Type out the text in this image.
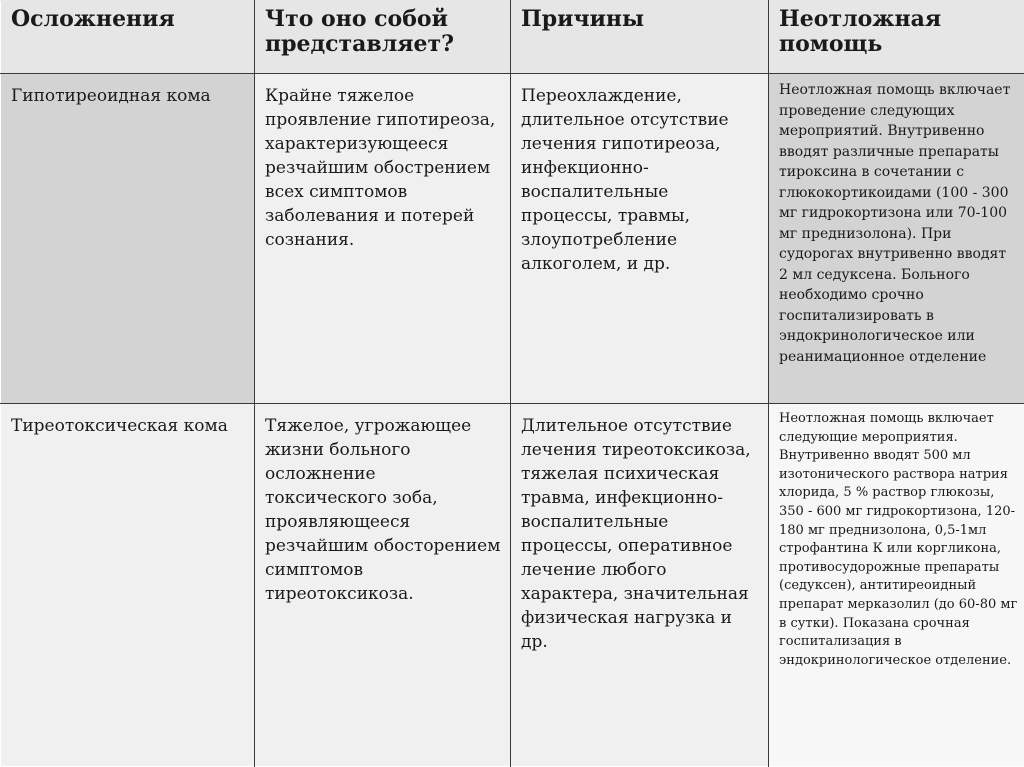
Осложнения	Что оно собой представляет?	Причины	Неотложная помощь

Гипотиреоидная кома	Крайне тяжелое проявление гипотиреоза, характеризующееся резчайшим обострением всех симптомов заболевания и потерей сознания.	Переохлаждение, длительное отсутствие лечения гипотиреоза, инфекционно-воспалительные процессы, травмы, злоупотребление алкоголем, и др.	Неотложная помощь включает проведение следующих мероприятий. Внутривенно вводят различные препараты тироксина в сочетании с глюкокортикоидами (100 - 300 мг гидрокортизона или 70-100 мг преднизолона). При судорогах внутривенно вводят 2 мл седуксена. Больного необходимо срочно госпитализировать в эндокринологическое или реанимационное отделение

Тиреотоксическая кома	Тяжелое, угрожающее жизни больного осложнение токсического зоба, проявляющееся резчайшим обосторением симптомов тиреотоксикоза.	Длительное отсутствие лечения тиреотоксикоза, тяжелая психическая травма, инфекционно-воспалительные процессы, оперативное лечение любого характера, значительная физическая нагрузка и др.	Неотложная помощь включает следующие мероприятия. Внутривенно вводят 500 мл изотонического раствора натрия хлорида, 5 % раствор глюкозы, 350 - 600 мг гидрокортизона, 120-180 мг преднизолона, 0,5-1мл строфантина К или коргликона, противосудорожные препараты (седуксен), антитиреоидный препарат мерказолил (до 60-80 мг в сутки). Показана срочная госпитализация в эндокринологическое отделение.
